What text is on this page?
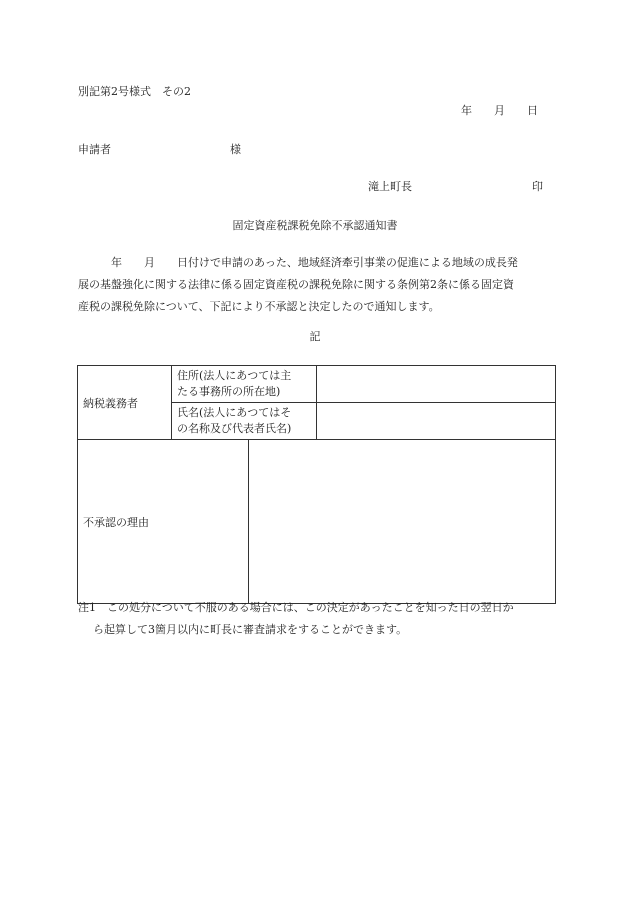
別記第2号様式　その2
年　　月　　日
申請者	様
滝上町長	印
固定資産税課税免除不承認通知書

　　　年　　月　　日付けで申請のあった、地域経済牽引事業の促進による地域の成長発

展の基盤強化に関する法律に係る固定資産税の課税免除に関する条例第2条に係る固定資

産税の課税免除について、下記により不承認と決定したので通知します。

記
納税義務者	住所(法人にあつては主
たる事務所の所在地)		

	氏名(法人にあつてはそ
の名称及び代表者氏名)		

不承認の理由			
注1　この処分について不服のある場合には、この決定があったことを知った日の翌日か
ら起算して3箇月以内に町長に審査請求をすることができます。
